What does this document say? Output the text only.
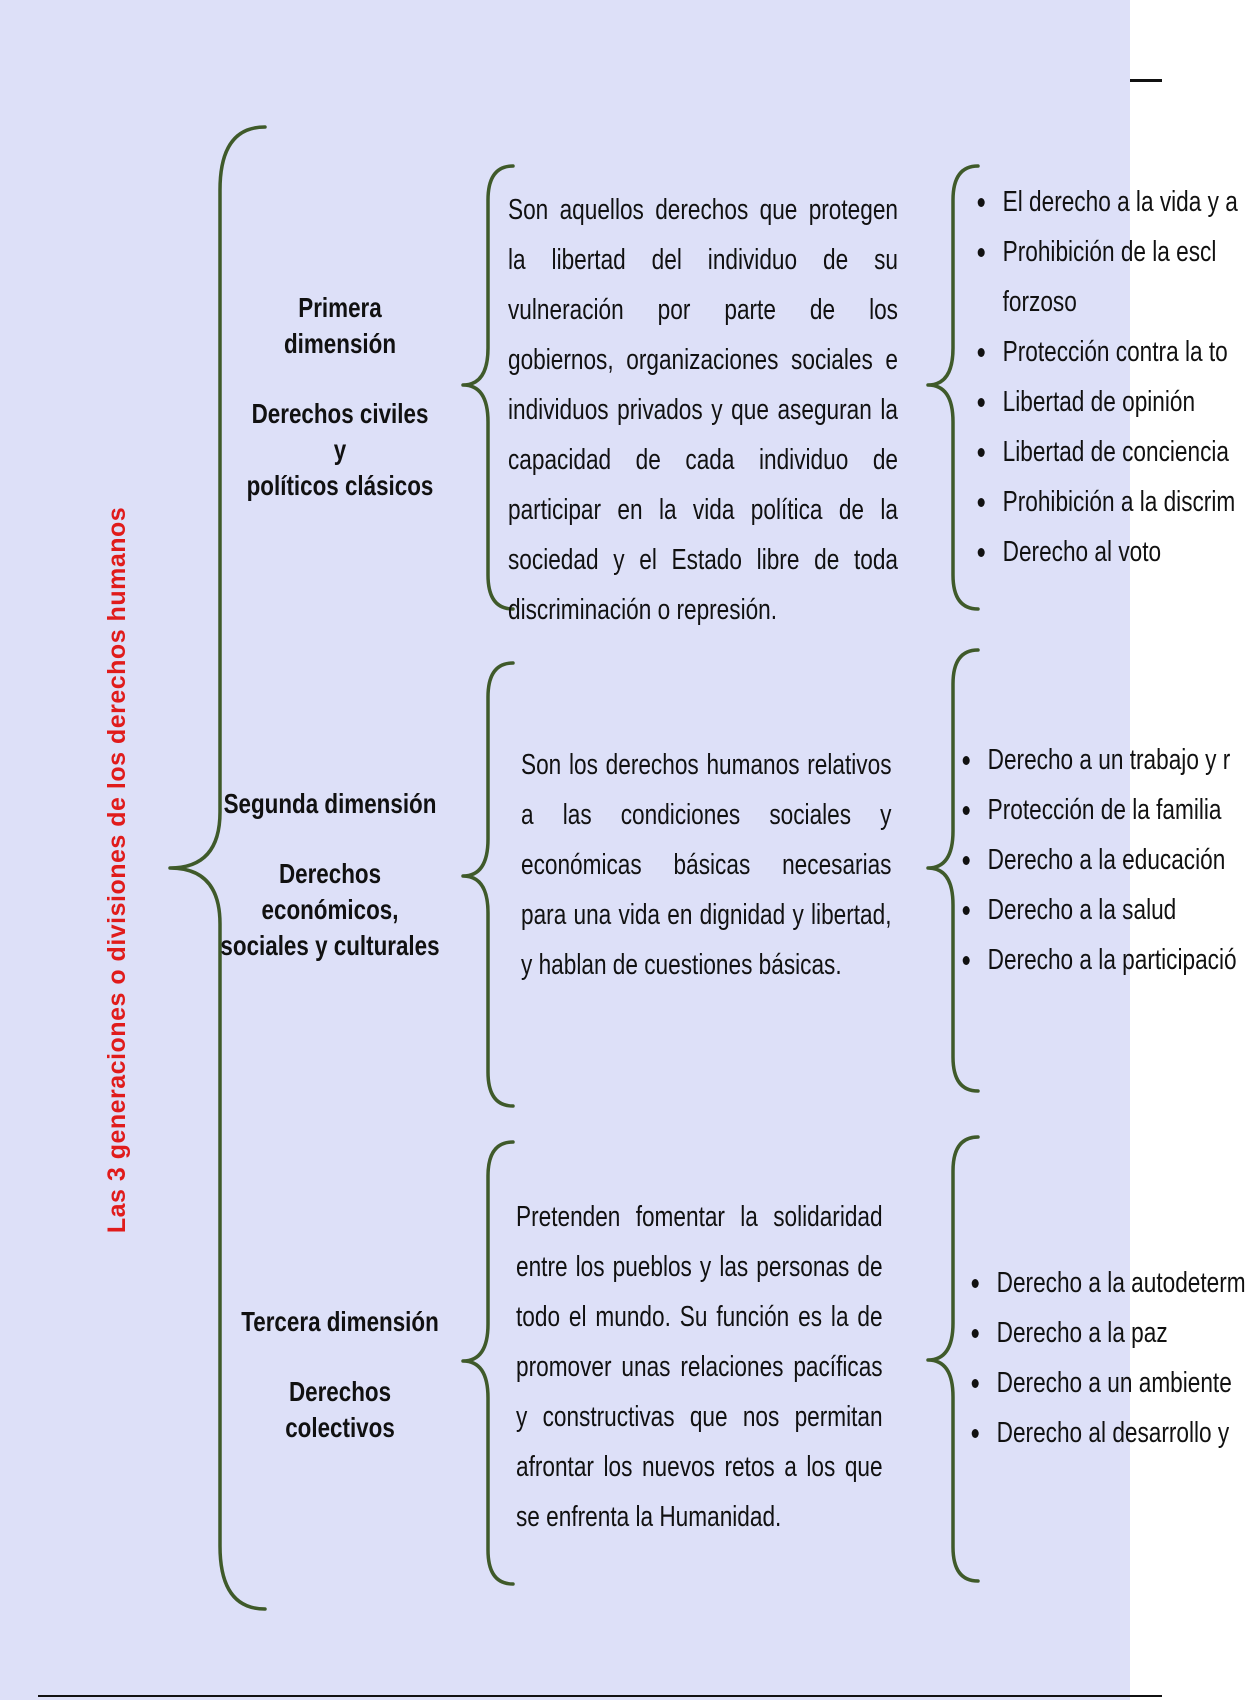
Las 3 generaciones o divisiones de los derechos humanos
Primera dimensión
Derechos civiles y
políticos clásicos
Son aquellos derechos que protegen la libertad del individuo de su vulneración por parte de los gobiernos, organizaciones sociales e individuos privados y que aseguran la capacidad de cada individuo de participar en la vida política de la sociedad y el Estado libre de toda discriminación o represión.
El derecho a la vida y a
Prohibición de la escl
forzoso
Protección contra la to
Libertad de opinión
Libertad de conciencia
Prohibición a la discrim
Derecho al voto
Segunda dimensión
Derechos económicos,
sociales y culturales
Son los derechos humanos relativos a las condiciones sociales y económicas básicas necesarias para una vida en dignidad y libertad, y hablan de cuestiones básicas.
Derecho a un trabajo y r
Protección de la familia
Derecho a la educación
Derecho a la salud
Derecho a la participació
Tercera dimensión
Derechos colectivos
Pretenden fomentar la solidaridad entre los pueblos y las personas de todo el mundo. Su función es la de promover unas relaciones pacíficas y constructivas que nos permitan afrontar los nuevos retos a los que se enfrenta la Humanidad.
Derecho a la autodeterm
Derecho a la paz
Derecho a un ambiente
Derecho al desarrollo y
